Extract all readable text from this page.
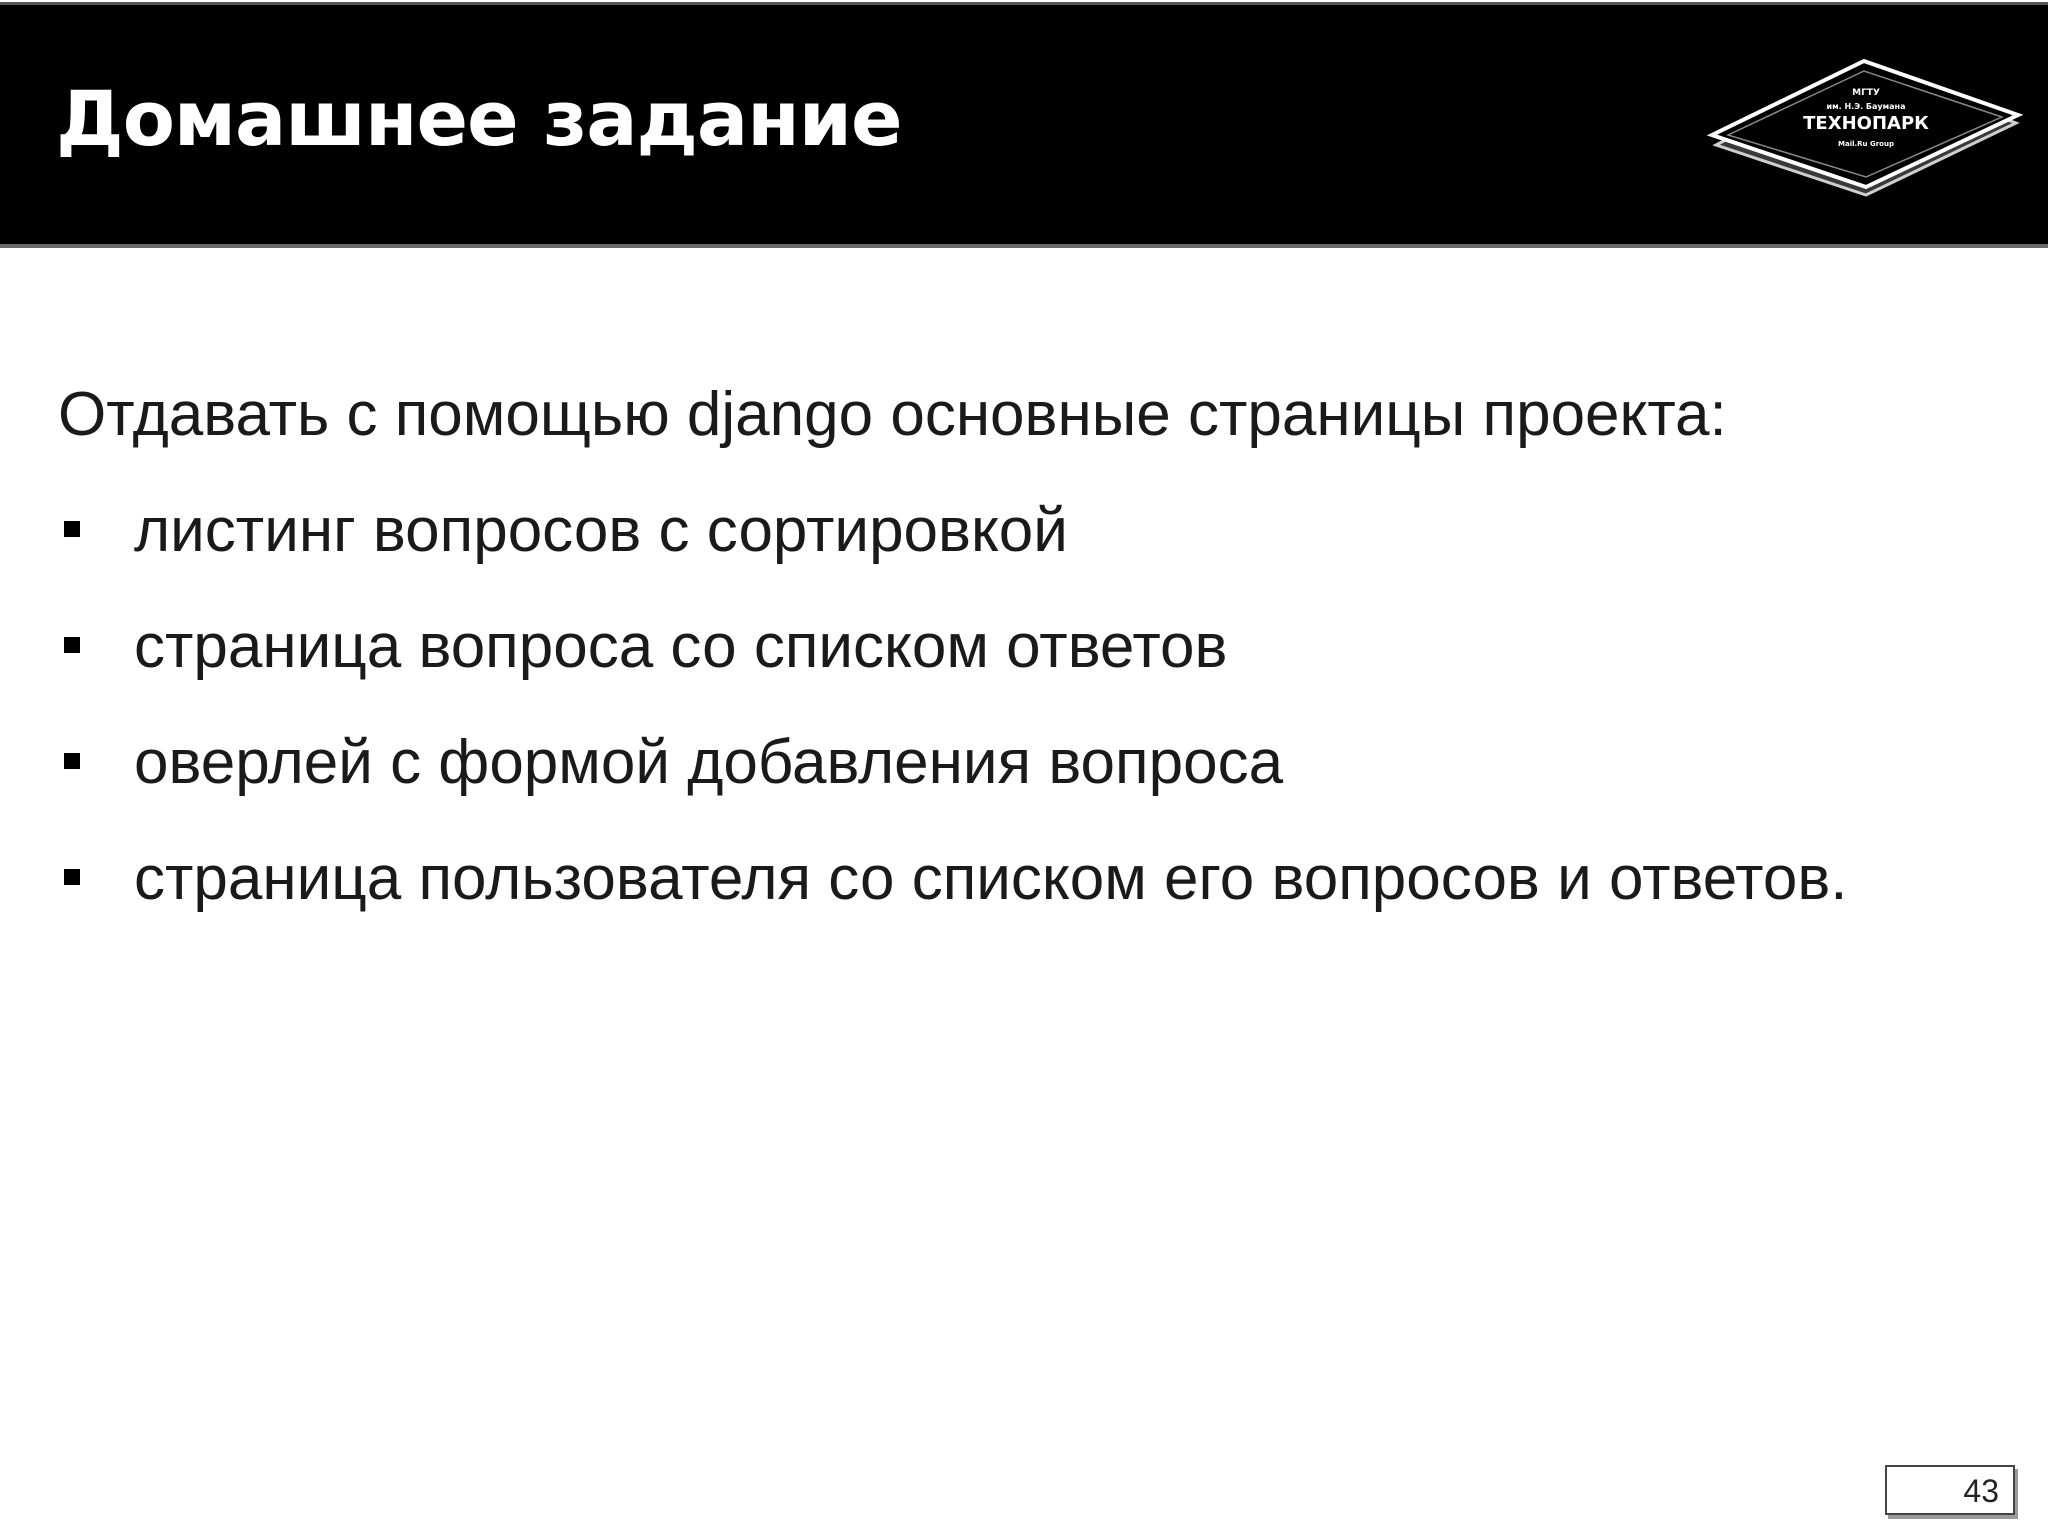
Домашнее задание	МГТУ
им. Н.Э. Баумана
ТЕХНОПАРК
Mail.Ru Group

Отдавать с помощью django основные страницы проекта:

листинг вопросов с сортировкой
страница вопроса со списком ответов
оверлей с формой добавления вопроса
страница пользователя со списком его вопросов и ответов.
43
